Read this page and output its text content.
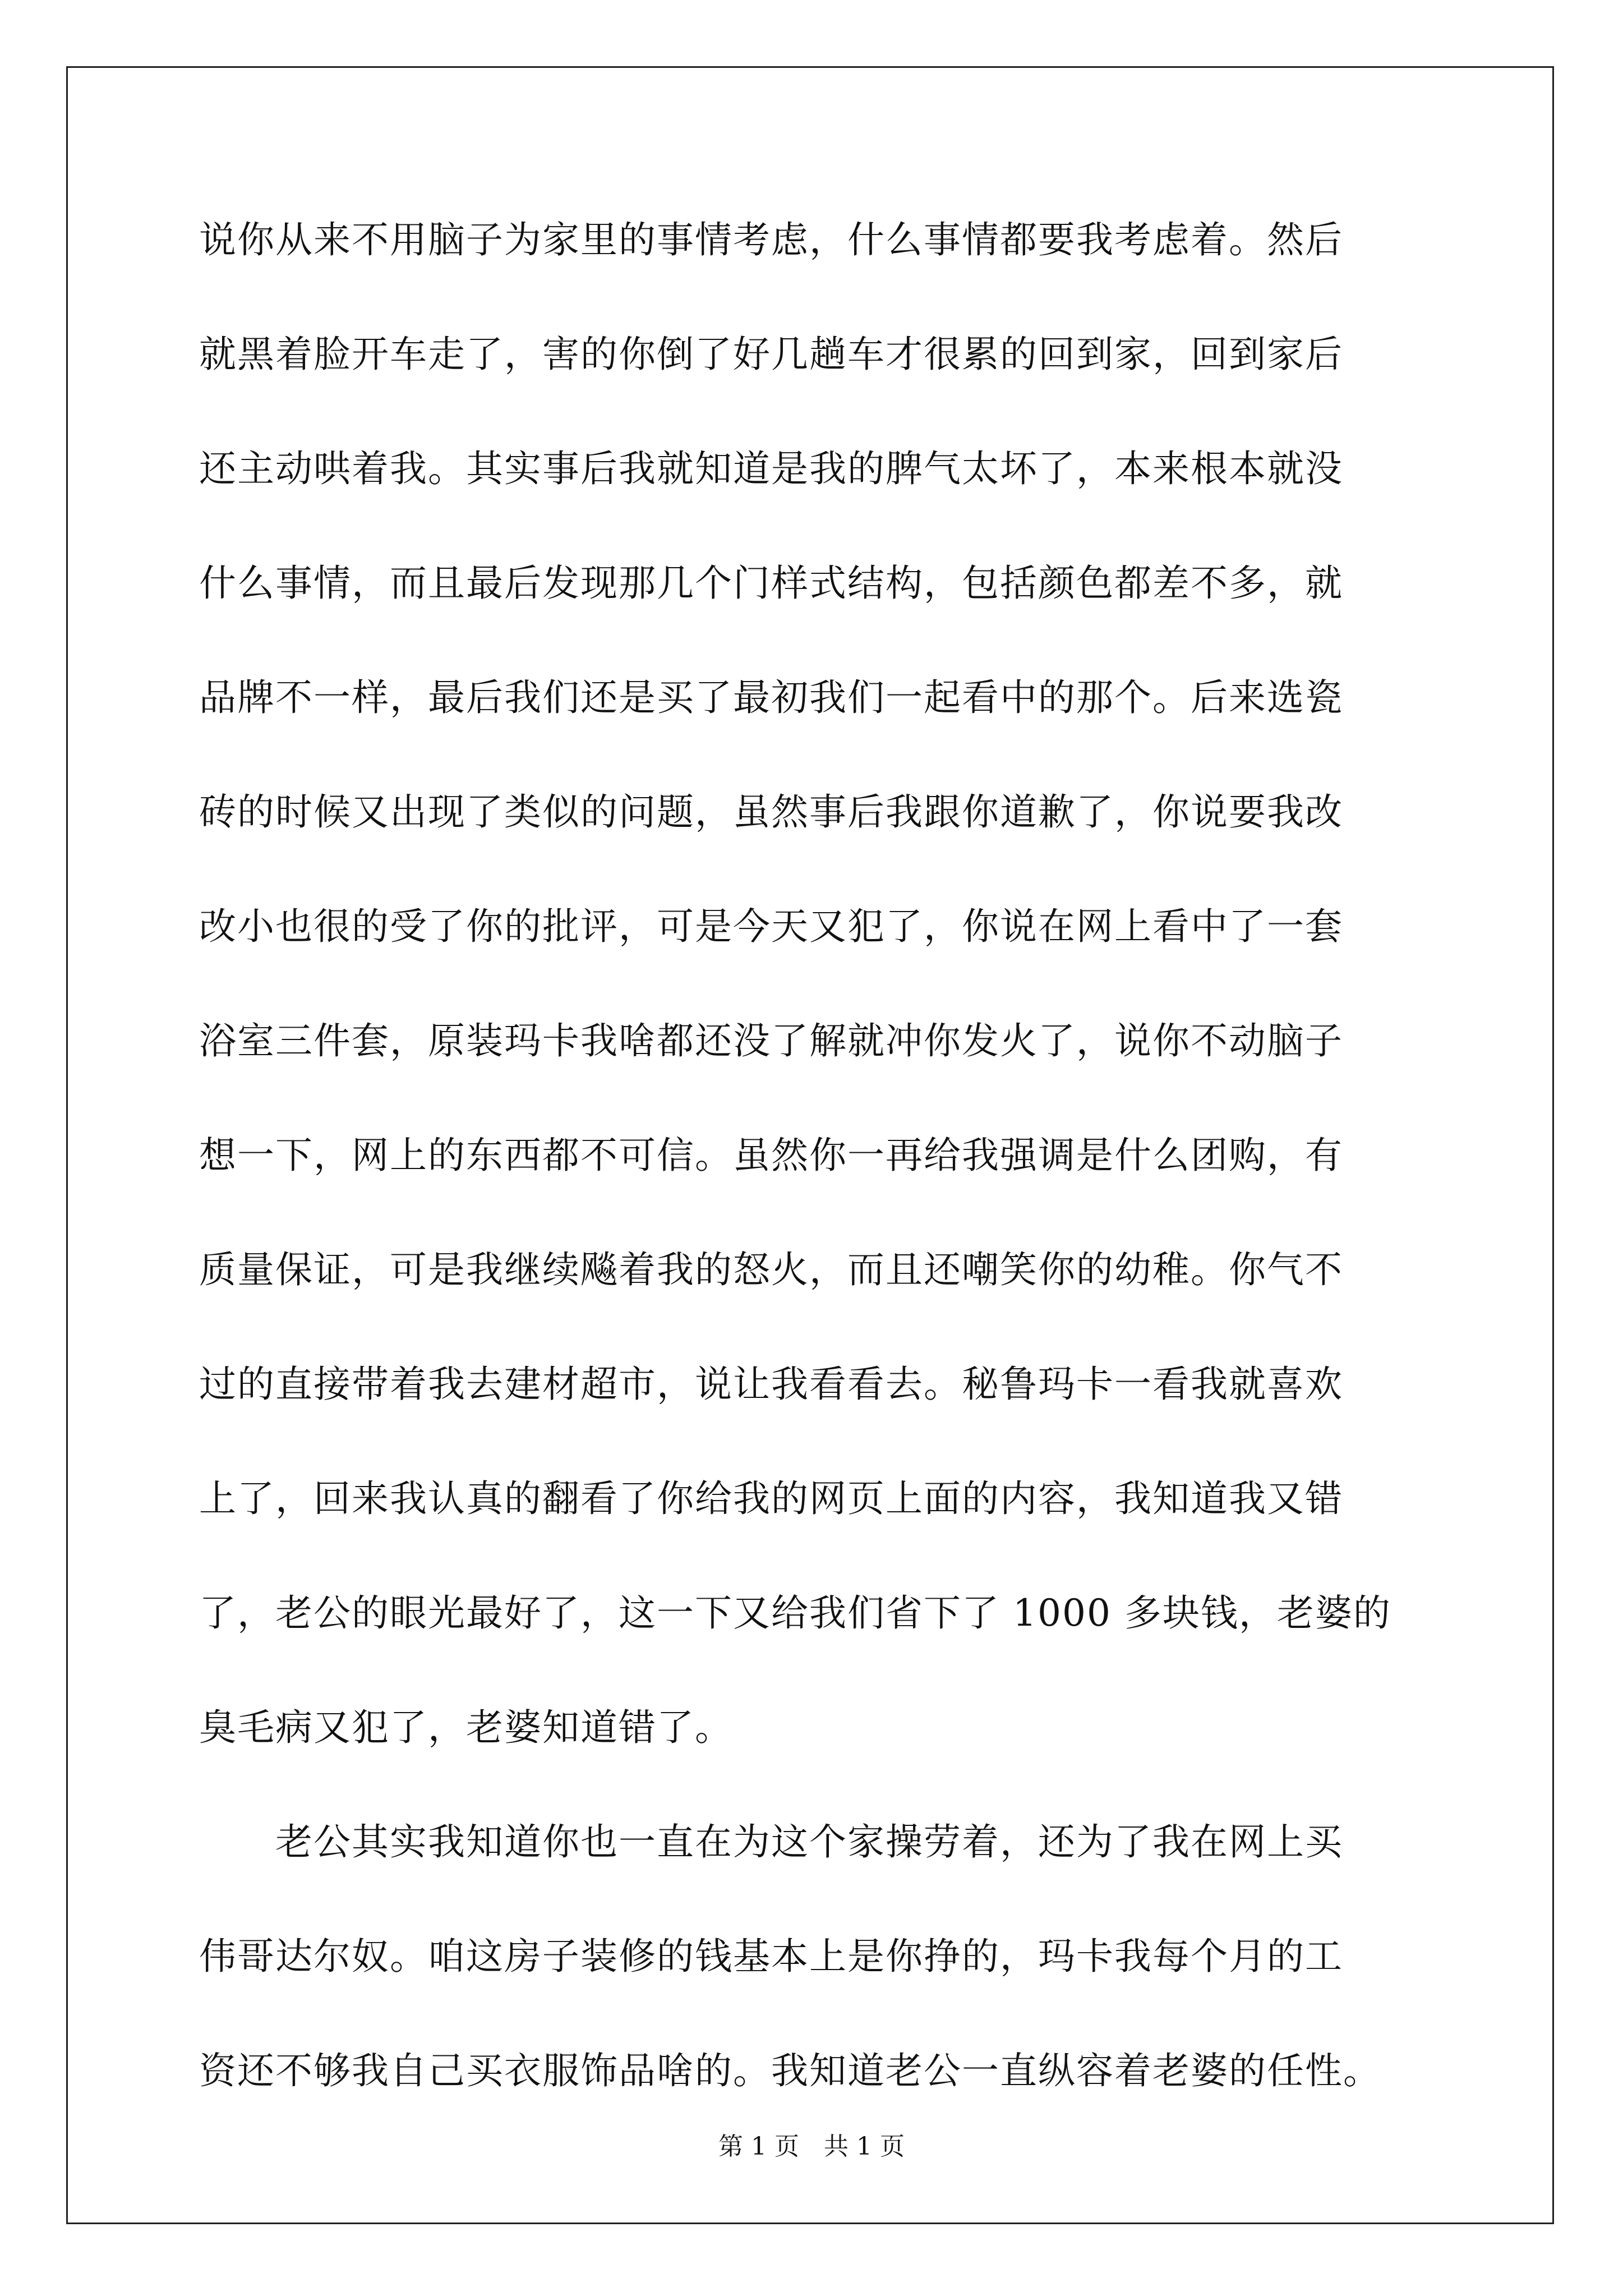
说你从来不用脑子为家里的事情考虑，什么事情都要我考虑着。然后
就黑着脸开车走了，害的你倒了好几趟车才很累的回到家，回到家后
还主动哄着我。其实事后我就知道是我的脾气太坏了，本来根本就没
什么事情，而且最后发现那几个门样式结构，包括颜色都差不多，就
品牌不一样，最后我们还是买了最初我们一起看中的那个。后来选瓷
砖的时候又出现了类似的问题，虽然事后我跟你道歉了，你说要我改
改小也很的受了你的批评，可是今天又犯了，你说在网上看中了一套
浴室三件套，原装玛卡我啥都还没了解就冲你发火了，说你不动脑子
想一下，网上的东西都不可信。虽然你一再给我强调是什么团购，有
质量保证，可是我继续飚着我的怒火，而且还嘲笑你的幼稚。你气不
过的直接带着我去建材超市，说让我看看去。秘鲁玛卡一看我就喜欢
上了，回来我认真的翻看了你给我的网页上面的内容，我知道我又错
了，老公的眼光最好了，这一下又给我们省下了 1000 多块钱，老婆的
臭毛病又犯了，老婆知道错了。
　　老公其实我知道你也一直在为这个家操劳着，还为了我在网上买
伟哥达尔奴。咱这房子装修的钱基本上是你挣的，玛卡我每个月的工
资还不够我自己买衣服饰品啥的。我知道老公一直纵容着老婆的任性。
第 1 页　共 1 页
